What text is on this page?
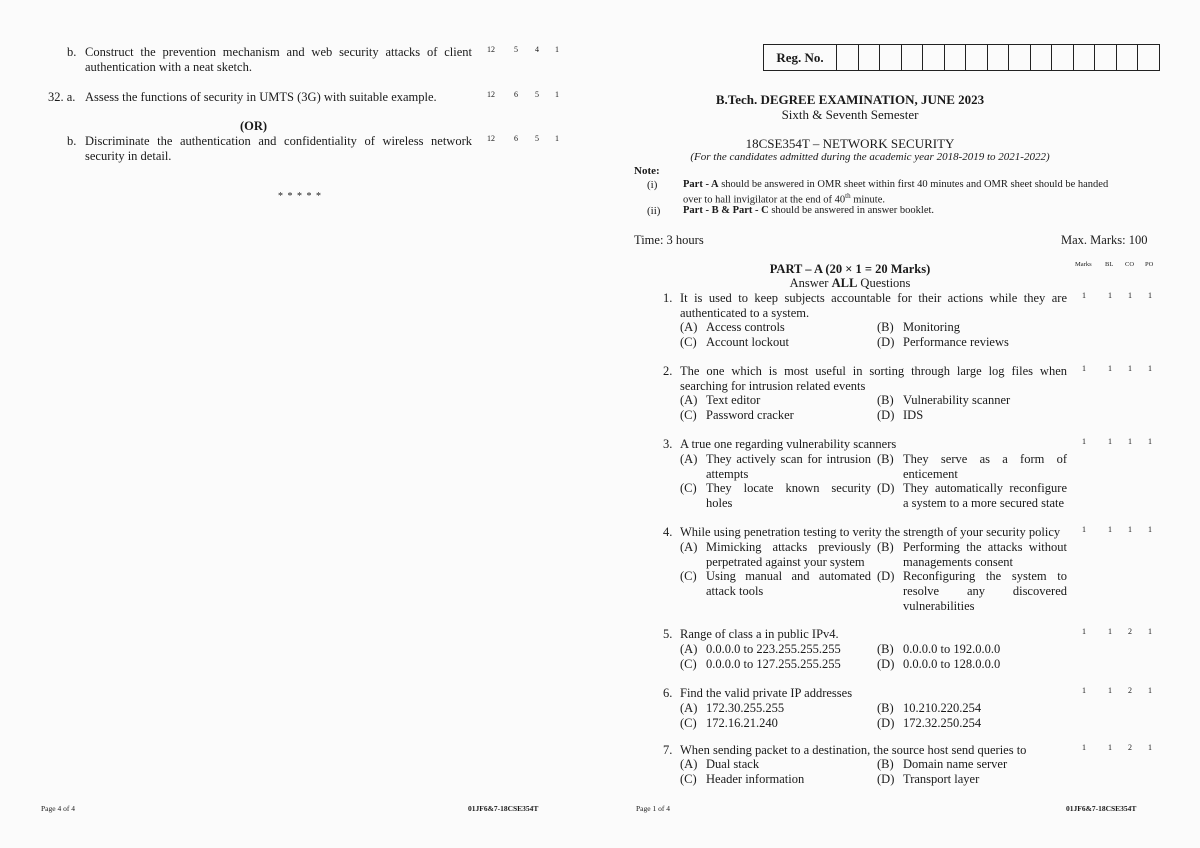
b. Construct the prevention mechanism and web security attacks of client
authentication with a neat sketch.
12 5 4 1
32. a. Assess the functions of security in UMTS (3G) with suitable example.	12 6 5 1
(OR)
b. Discriminate the authentication and confidentiality of wireless network
security in detail.
12 6 5 1
* * * * *
Page 4 of 4	01JF6&7-18CSE354T
Reg. No.
B.Tech. DEGREE EXAMINATION, JUNE 2023
Sixth & Seventh Semester
18CSE354T – NETWORK SECURITY
(For the candidates admitted during the academic year 2018-2019 to 2021-2022)
Note:
(i) Part - A should be answered in OMR sheet within first 40 minutes and OMR sheet should be handed
over to hall invigilator at the end of 40th minute.
(ii) Part - B & Part - C should be answered in answer booklet.
Time: 3 hours	Max. Marks: 100
PART – A (20 × 1 = 20 Marks)
Answer ALL Questions
Marks BL CO PO
1. It is used to keep subjects accountable for their actions while they are
authenticated to a system.
1	1 1 1
(A) Access controls	(B) Monitoring
(C) Account lockout	(D) Performance reviews
2. The one which is most useful in sorting through large log files when
searching for intrusion related events
1	1 1 1
(A) Text editor	(B) Vulnerability scanner
(C) Password cracker	(D) IDS
3. A true one regarding vulnerability scanners	1	1 1 1
(A) They actively scan for intrusion
attempts
(B) They serve as a form of
enticement
(C) They locate known security
holes
(D) They automatically reconfigure
a system to a more secured state
4. While using penetration testing to verity the strength of your security policy	1	1 1 1
(A) Mimicking attacks previously
perpetrated against your system
(B) Performing the attacks without
managements consent
(C) Using manual and automated
attack tools
(D) Reconfiguring the system to
resolve any discovered
vulnerabilities
5. Range of class a in public IPv4.	1	1 2 1
(A) 0.0.0.0 to 223.255.255.255	(B) 0.0.0.0 to 192.0.0.0
(C) 0.0.0.0 to 127.255.255.255	(D) 0.0.0.0 to 128.0.0.0
6. Find the valid private IP addresses	1	1 2 1
(A) 172.30.255.255	(B) 10.210.220.254
(C) 172.16.21.240	(D) 172.32.250.254
7. When sending packet to a destination, the source host send queries to	1	1 2 1
(A) Dual stack	(B) Domain name server
(C) Header information	(D) Transport layer
Page 1 of 4	01JF6&7-18CSE354T
